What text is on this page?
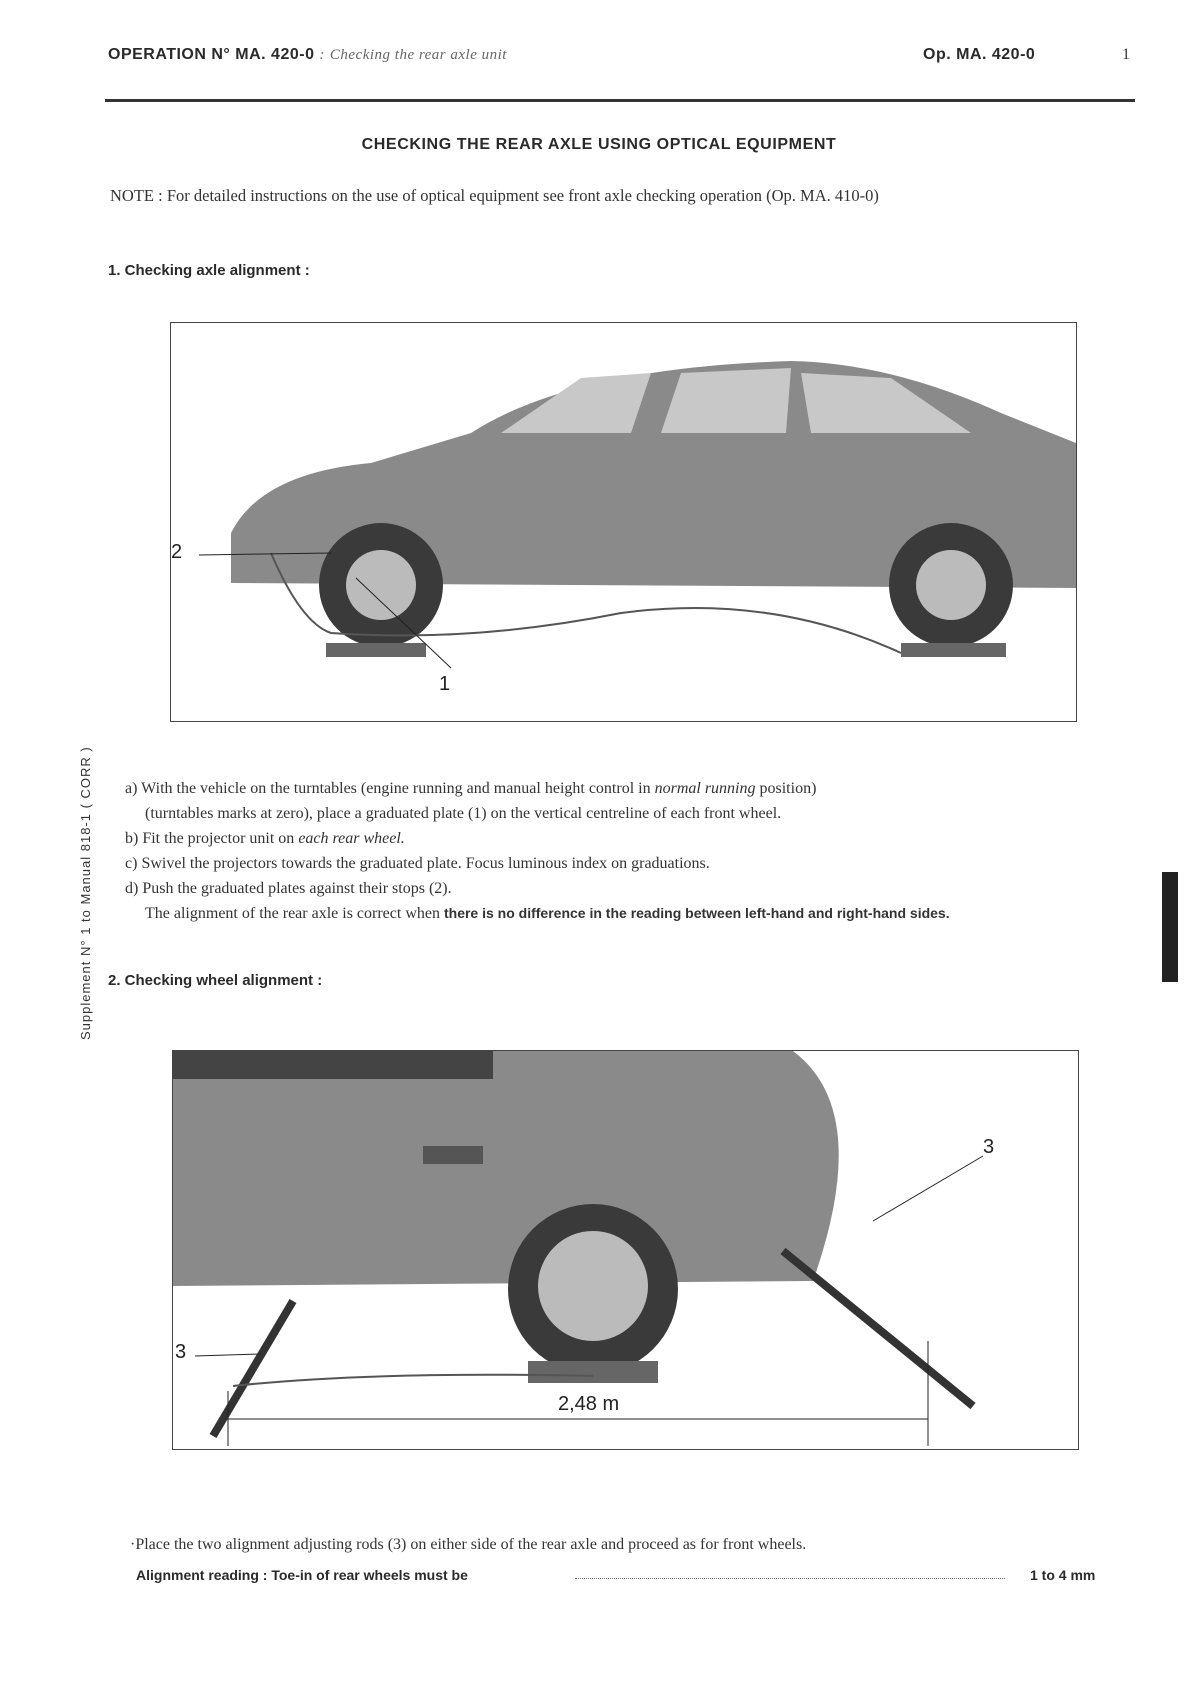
OPERATION N° MA. 420-0 : Checking the rear axle unit	Op. MA. 420-0	1
CHECKING THE REAR AXLE USING OPTICAL EQUIPMENT
NOTE : For detailed instructions on the use of optical equipment see front axle checking operation (Op. MA. 410-0)
1. Checking axle alignment :
2
1
a) With the vehicle on the turntables (engine running and manual height control in normal running position)
(turntables marks at zero), place a graduated plate (1) on the vertical centreline of each front wheel.
b) Fit the projector unit on each rear wheel.
c) Swivel the projectors towards the graduated plate. Focus luminous index on graduations.
d) Push the graduated plates against their stops (2).
The alignment of the rear axle is correct when there is no difference in the reading between left-hand and right-hand sides.
2. Checking wheel alignment :
3
3
2,48 m
·Place the two alignment adjusting rods (3) on either side of the rear axle and proceed as for front wheels.
Alignment reading : Toe-in of rear wheels must be	1 to 4 mm
Supplement N° 1 to Manual 818-1 ( CORR )
